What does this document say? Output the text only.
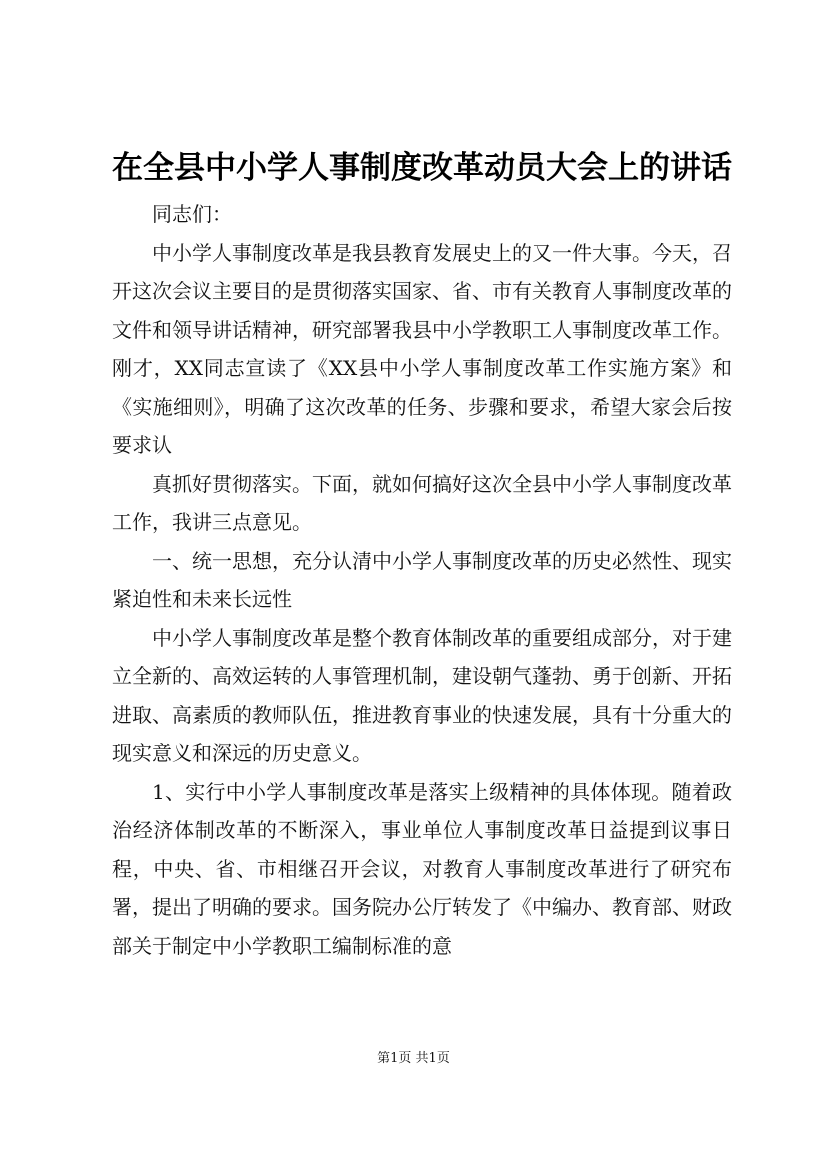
在全县中小学人事制度改革动员大会上的讲话

同志们：

中小学人事制度改革是我县教育发展史上的又一件大事。今天，召开这次会议主要目的是贯彻落实国家、省、市有关教育人事制度改革的文件和领导讲话精神，研究部署我县中小学教职工人事制度改革工作。刚才，XX同志宣读了《XX县中小学人事制度改革工作实施方案》和《实施细则》，明确了这次改革的任务、步骤和要求，希望大家会后按要求认

真抓好贯彻落实。下面，就如何搞好这次全县中小学人事制度改革工作，我讲三点意见。

一、统一思想，充分认清中小学人事制度改革的历史必然性、现实紧迫性和未来长远性

中小学人事制度改革是整个教育体制改革的重要组成部分，对于建立全新的、高效运转的人事管理机制，建设朝气蓬勃、勇于创新、开拓进取、高素质的教师队伍，推进教育事业的快速发展，具有十分重大的现实意义和深远的历史意义。

1、实行中小学人事制度改革是落实上级精神的具体体现。随着政治经济体制改革的不断深入，事业单位人事制度改革日益提到议事日程，中央、省、市相继召开会议，对教育人事制度改革进行了研究布署，提出了明确的要求。国务院办公厅转发了《中编办、教育部、财政部关于制定中小学教职工编制标准的意

第1页 共1页
